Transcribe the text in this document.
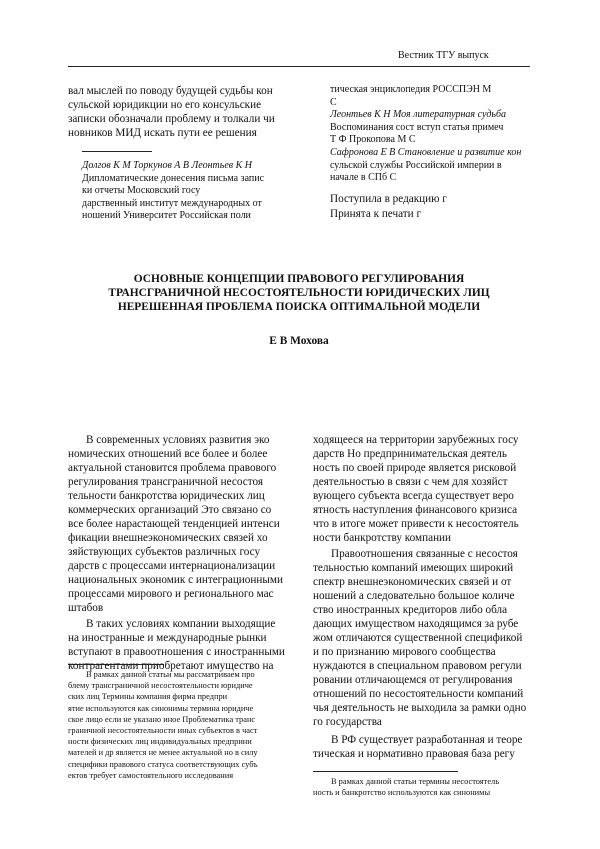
Вестник ТГУ выпуск
вал мыслей по поводу будущей судьбы кон
сульской юридикции но его консульские
записки обозначали проблему и толкали чи
новников МИД искать пути ее решения
Долгов К М Торкунов А В Леонтьев К Н
Дипломатические донесения письма запис
ки отчеты Московский госу
дарственный институт международных от
ношений Университет Российская поли
тическая энциклопедия РОССПЭН М
С
Леонтьев К Н Моя литературная судьба
Воспоминания сост вступ статья примеч
Т Ф Прокопова М С
Сафронова Е В Становление и развитие кон
сульской службы Российской империи в
начале в СПб С
Поступила в редакцию г
Принята к печати г
ОСНОВНЫЕ КОНЦЕПЦИИ ПРАВОВОГО РЕГУЛИРОВАНИЯ
ТРАНСГРАНИЧНОЙ НЕСОСТОЯТЕЛЬНОСТИ ЮРИДИЧЕСКИХ ЛИЦ
НЕРЕШЕННАЯ ПРОБЛЕМА ПОИСКА ОПТИМАЛЬНОЙ МОДЕЛИ
Е В Мохова
В современных условиях развития эко
номических отношений все более и более
актуальной становится проблема правового
регулирования трансграничной несостоя
тельности банкротства юридических лиц
коммерческих организаций Это связано со
все более нарастающей тенденцией интенси
фикации внешнеэкономических связей хо
зяйствующих субъектов различных госу
дарств с процессами интернационализации
национальных экономик с интеграционными
процессами мирового и регионального мас
штабов
В таких условиях компании выходящие
на иностранные и международные рынки
вступают в правоотношения с иностранными
контрагентами приобретают имущество на
В рамках данной статьи мы рассматриваем про
блему трансграничной несостоятельности юридиче
ских лиц Термины компания фирма предпри
ятие используются как синонимы термина юридиче
ское лицо если не указано иное Проблематика транс
граничной несостоятельности иных субъектов в част
ности физических лиц индивидуальных предприни
мателей и др является не менее актуальной но в силу
специфики правового статуса соответствующих субъ
ектов требует самостоятельного исследования
ходящееся на территории зарубежных госу
дарств Но предпринимательская деятель
ность по своей природе является рисковой
деятельностью в связи с чем для хозяйст
вующего субъекта всегда существует веро
ятность наступления финансового кризиса
что в итоге может привести к несостоятель
ности банкротству компании
Правоотношения связанные с несостоя
тельностью компаний имеющих широкий
спектр внешнеэкономических связей и от
ношений а следовательно большое количе
ство иностранных кредиторов либо обла
дающих имуществом находящимся за рубе
жом отличаются существенной спецификой
и по признанию мирового сообщества
нуждаются в специальном правовом регули
ровании отличающемся от регулирования
отношений по несостоятельности компаний
чья деятельность не выходила за рамки одно
го государства
В РФ существует разработанная и теоре
тическая и нормативно правовая база регу
В рамках данной статьи термины несостоятель
ность и банкротство используются как синонимы
